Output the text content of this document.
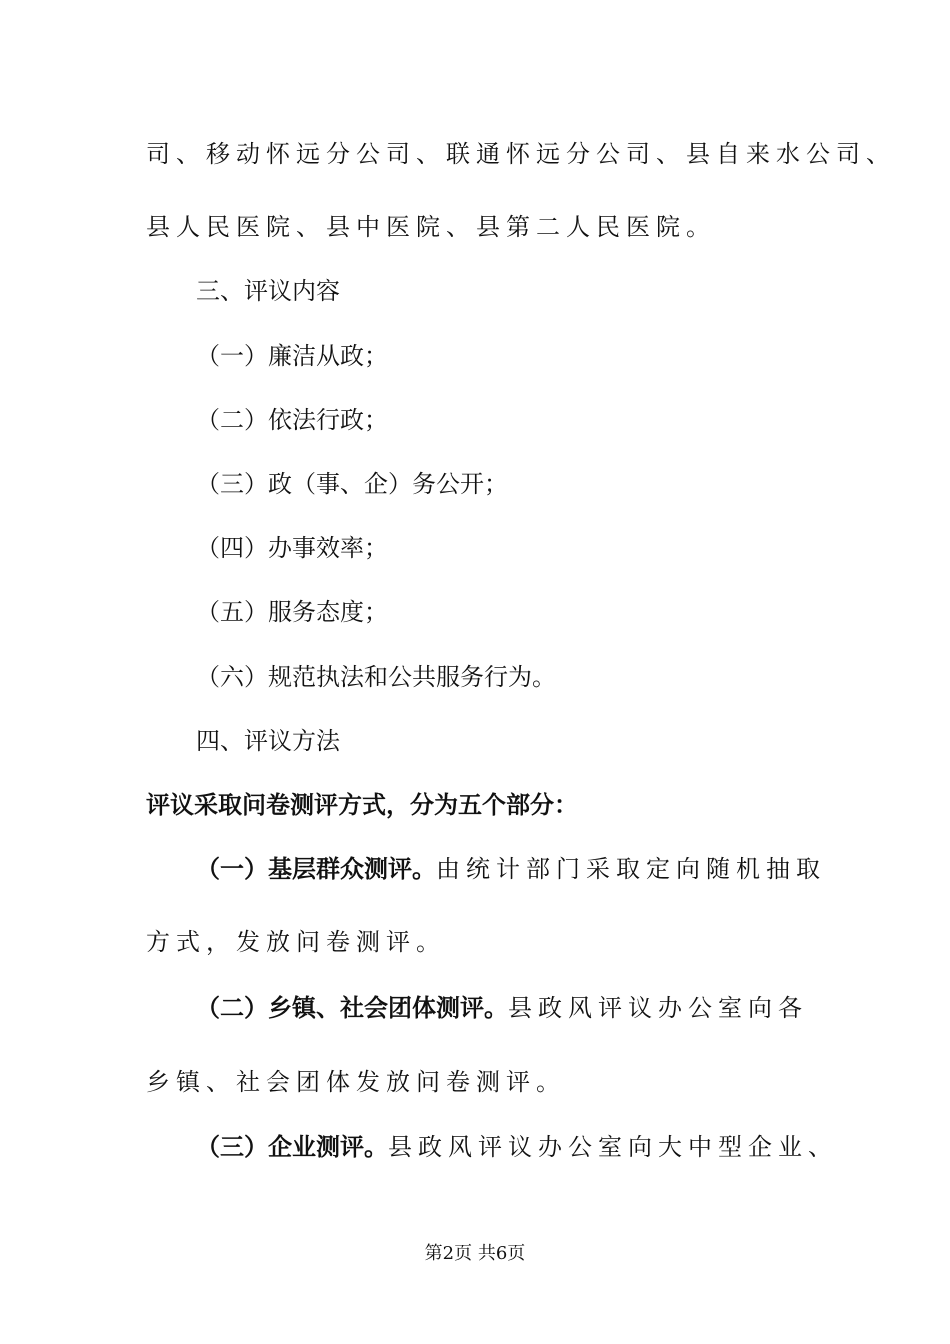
司、移动怀远分公司、联通怀远分公司、县自来水公司、
县人民医院、县中医院、县第二人民医院。
三、评议内容
（一）廉洁从政；
（二）依法行政；
（三）政（事、企）务公开；
（四）办事效率；
（五）服务态度；
（六）规范执法和公共服务行为。
四、评议方法
评议采取问卷测评方式，分为五个部分：
（一）基层群众测评。由统计部门采取定向随机抽取
方式，发放问卷测评。
（二）乡镇、社会团体测评。县政风评议办公室向各
乡镇、社会团体发放问卷测评。
（三）企业测评。县政风评议办公室向大中型企业、
第2页 共6页
